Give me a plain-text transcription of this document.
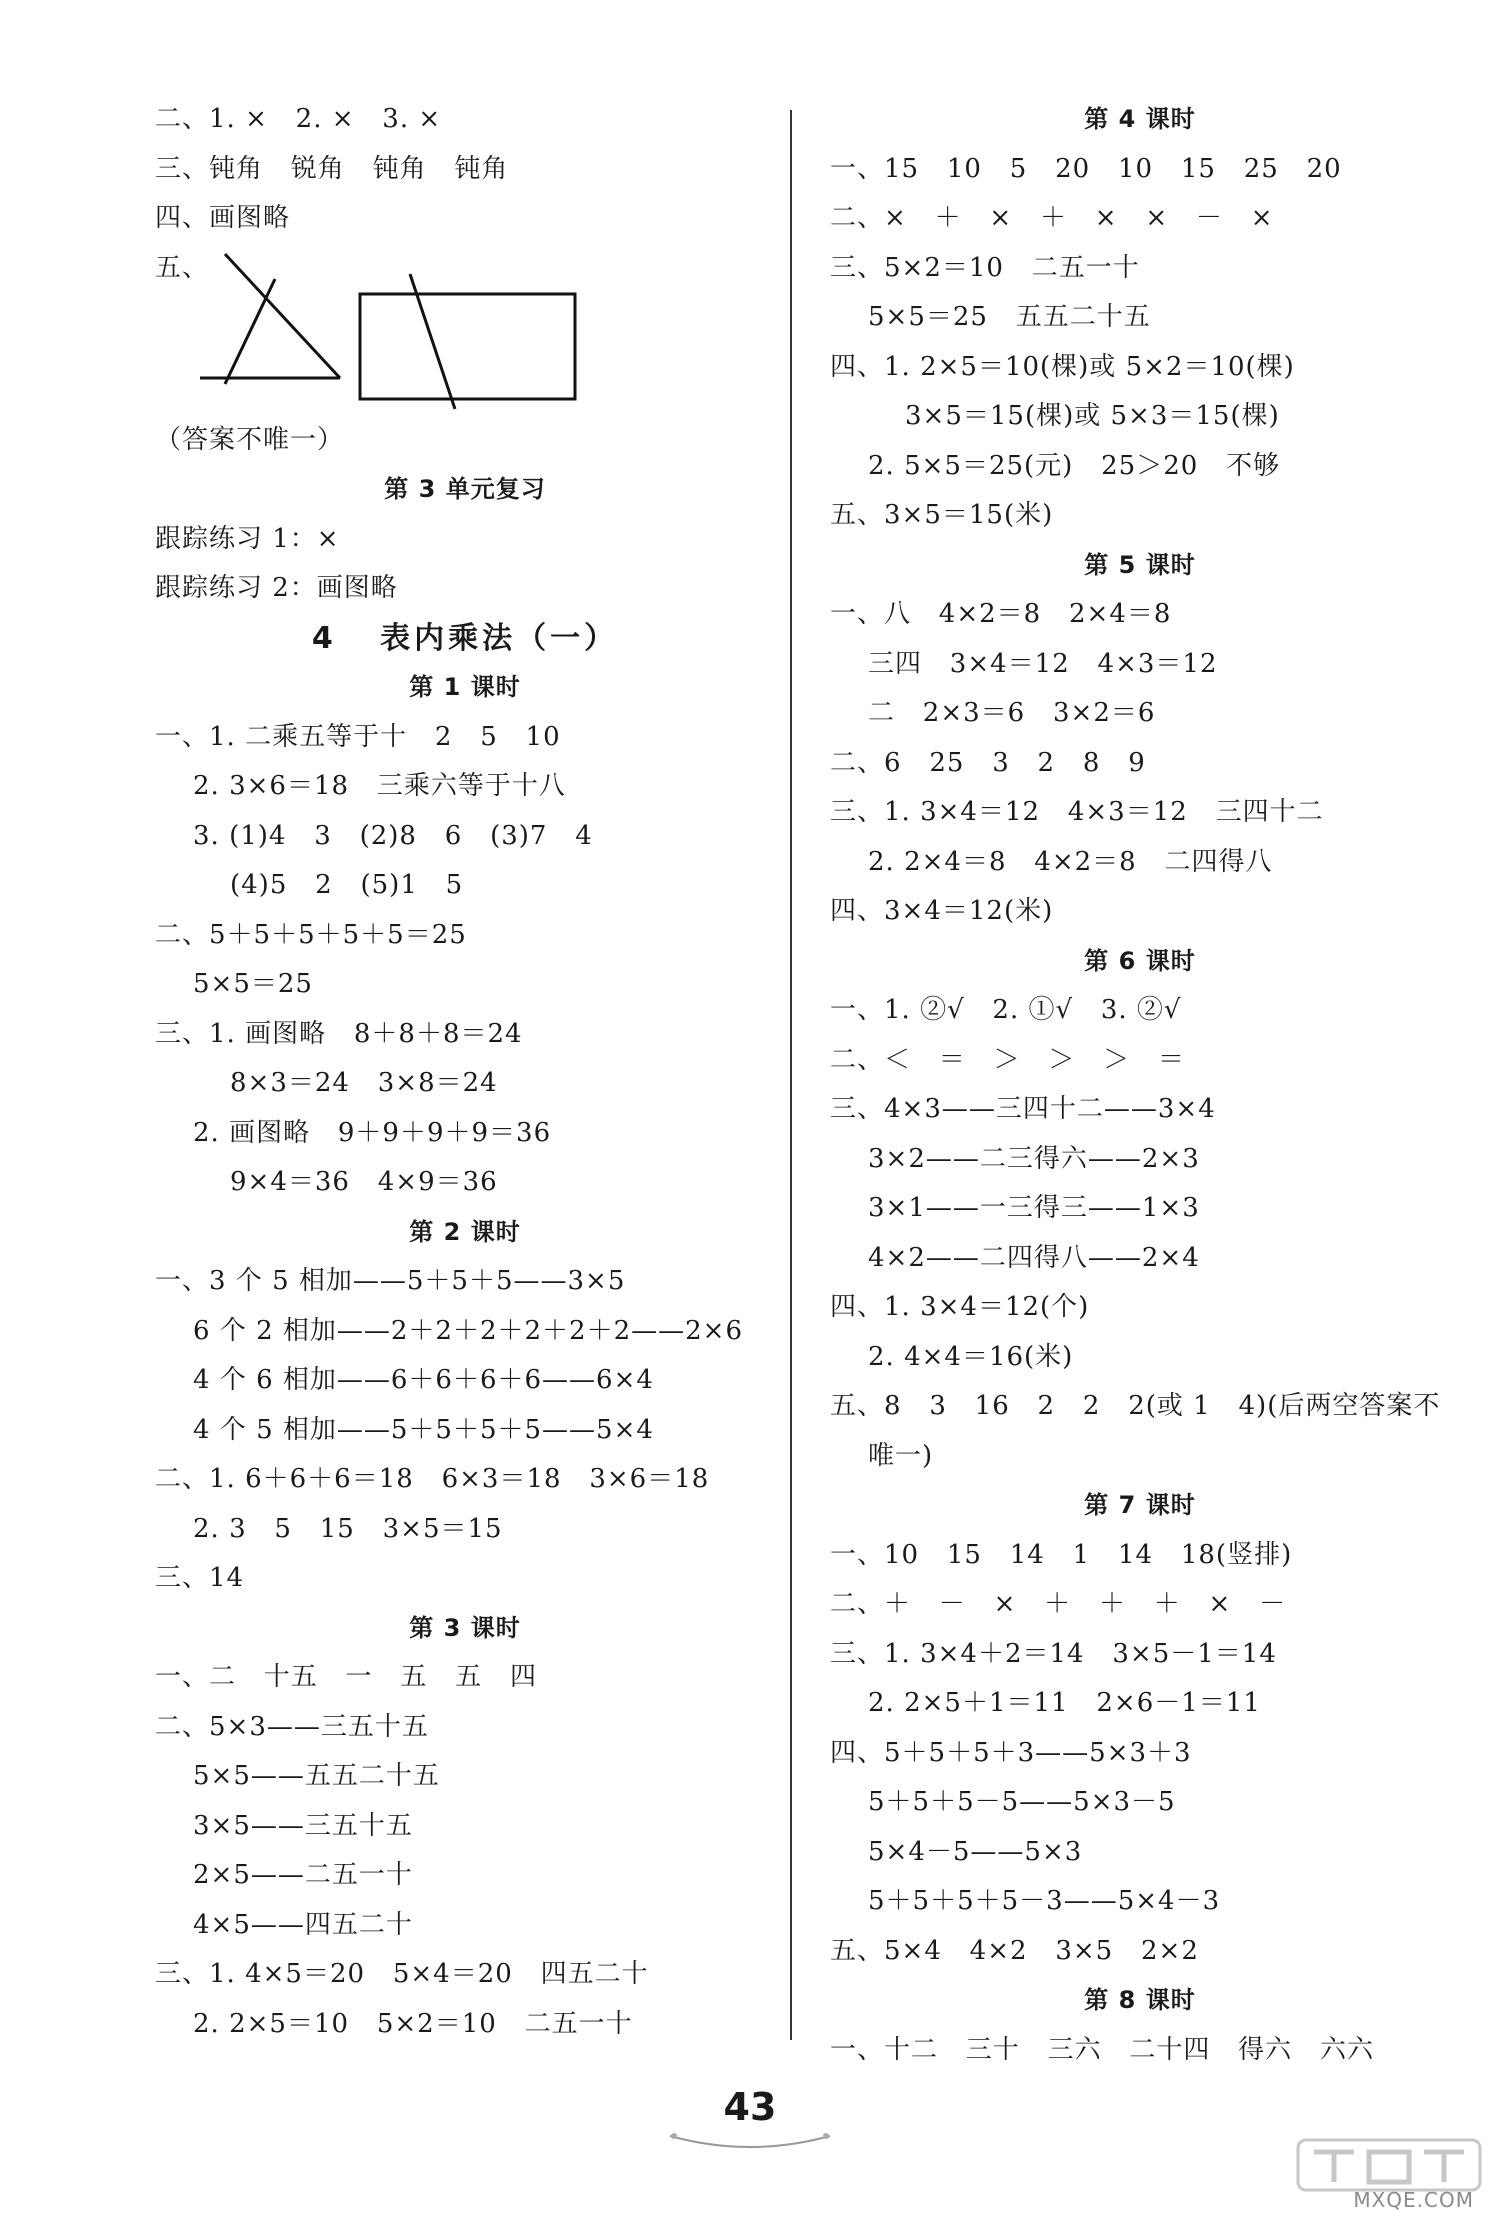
二、1. ×   2. ×   3. ×
三、钝角   锐角   钝角   钝角
四、画图略
五、
（答案不唯一）
第 3 单元复习
跟踪练习 1：×
跟踪练习 2：画图略
4   表内乘法（一）
第 1 课时
一、1. 二乘五等于十   2   5   10
2. 3×6＝18   三乘六等于十八
3. (1)4   3   (2)8   6   (3)7   4
(4)5   2   (5)1   5
二、5＋5＋5＋5＋5＝25
5×5＝25
三、1. 画图略   8＋8＋8＝24
8×3＝24   3×8＝24
2. 画图略   9＋9＋9＋9＝36
9×4＝36   4×9＝36
第 2 课时
一、3 个 5 相加——5＋5＋5——3×5
6 个 2 相加——2＋2＋2＋2＋2＋2——2×6
4 个 6 相加——6＋6＋6＋6——6×4
4 个 5 相加——5＋5＋5＋5——5×4
二、1. 6＋6＋6＝18   6×3＝18   3×6＝18
2. 3   5   15   3×5＝15
三、14
第 3 课时
一、二   十五   一   五   五   四
二、5×3——三五十五
5×5——五五二十五
3×5——三五十五
2×5——二五一十
4×5——四五二十
三、1. 4×5＝20   5×4＝20   四五二十
2. 2×5＝10   5×2＝10   二五一十
第 4 课时
一、15   10   5   20   10   15   25   20
二、×   ＋   ×   ＋   ×   ×   －   ×
三、5×2＝10   二五一十
5×5＝25   五五二十五
四、1. 2×5＝10(棵)或 5×2＝10(棵)
3×5＝15(棵)或 5×3＝15(棵)
2. 5×5＝25(元)   25＞20   不够
五、3×5＝15(米)
第 5 课时
一、八   4×2＝8   2×4＝8
三四   3×4＝12   4×3＝12
二   2×3＝6   3×2＝6
二、6   25   3   2   8   9
三、1. 3×4＝12   4×3＝12   三四十二
2. 2×4＝8   4×2＝8   二四得八
四、3×4＝12(米)
第 6 课时
一、1. ②√   2. ①√   3. ②√
二、＜   ＝   ＞   ＞   ＞   ＝
三、4×3——三四十二——3×4
3×2——二三得六——2×3
3×1——一三得三——1×3
4×2——二四得八——2×4
四、1. 3×4＝12(个)
2. 4×4＝16(米)
五、8   3   16   2   2   2(或 1   4)(后两空答案不
唯一)
第 7 课时
一、10   15   14   1   14   18(竖排)
二、＋   －   ×   ＋   ＋   ＋   ×   －
三、1. 3×4＋2＝14   3×5－1＝14
2. 2×5＋1＝11   2×6－1＝11
四、5＋5＋5＋3——5×3＋3
5＋5＋5－5——5×3－5
5×4－5——5×3
5＋5＋5＋5－3——5×4－3
五、5×4   4×2   3×5   2×2
第 8 课时
一、十二   三十   三六   二十四   得六   六六
43
MXQE.COM
